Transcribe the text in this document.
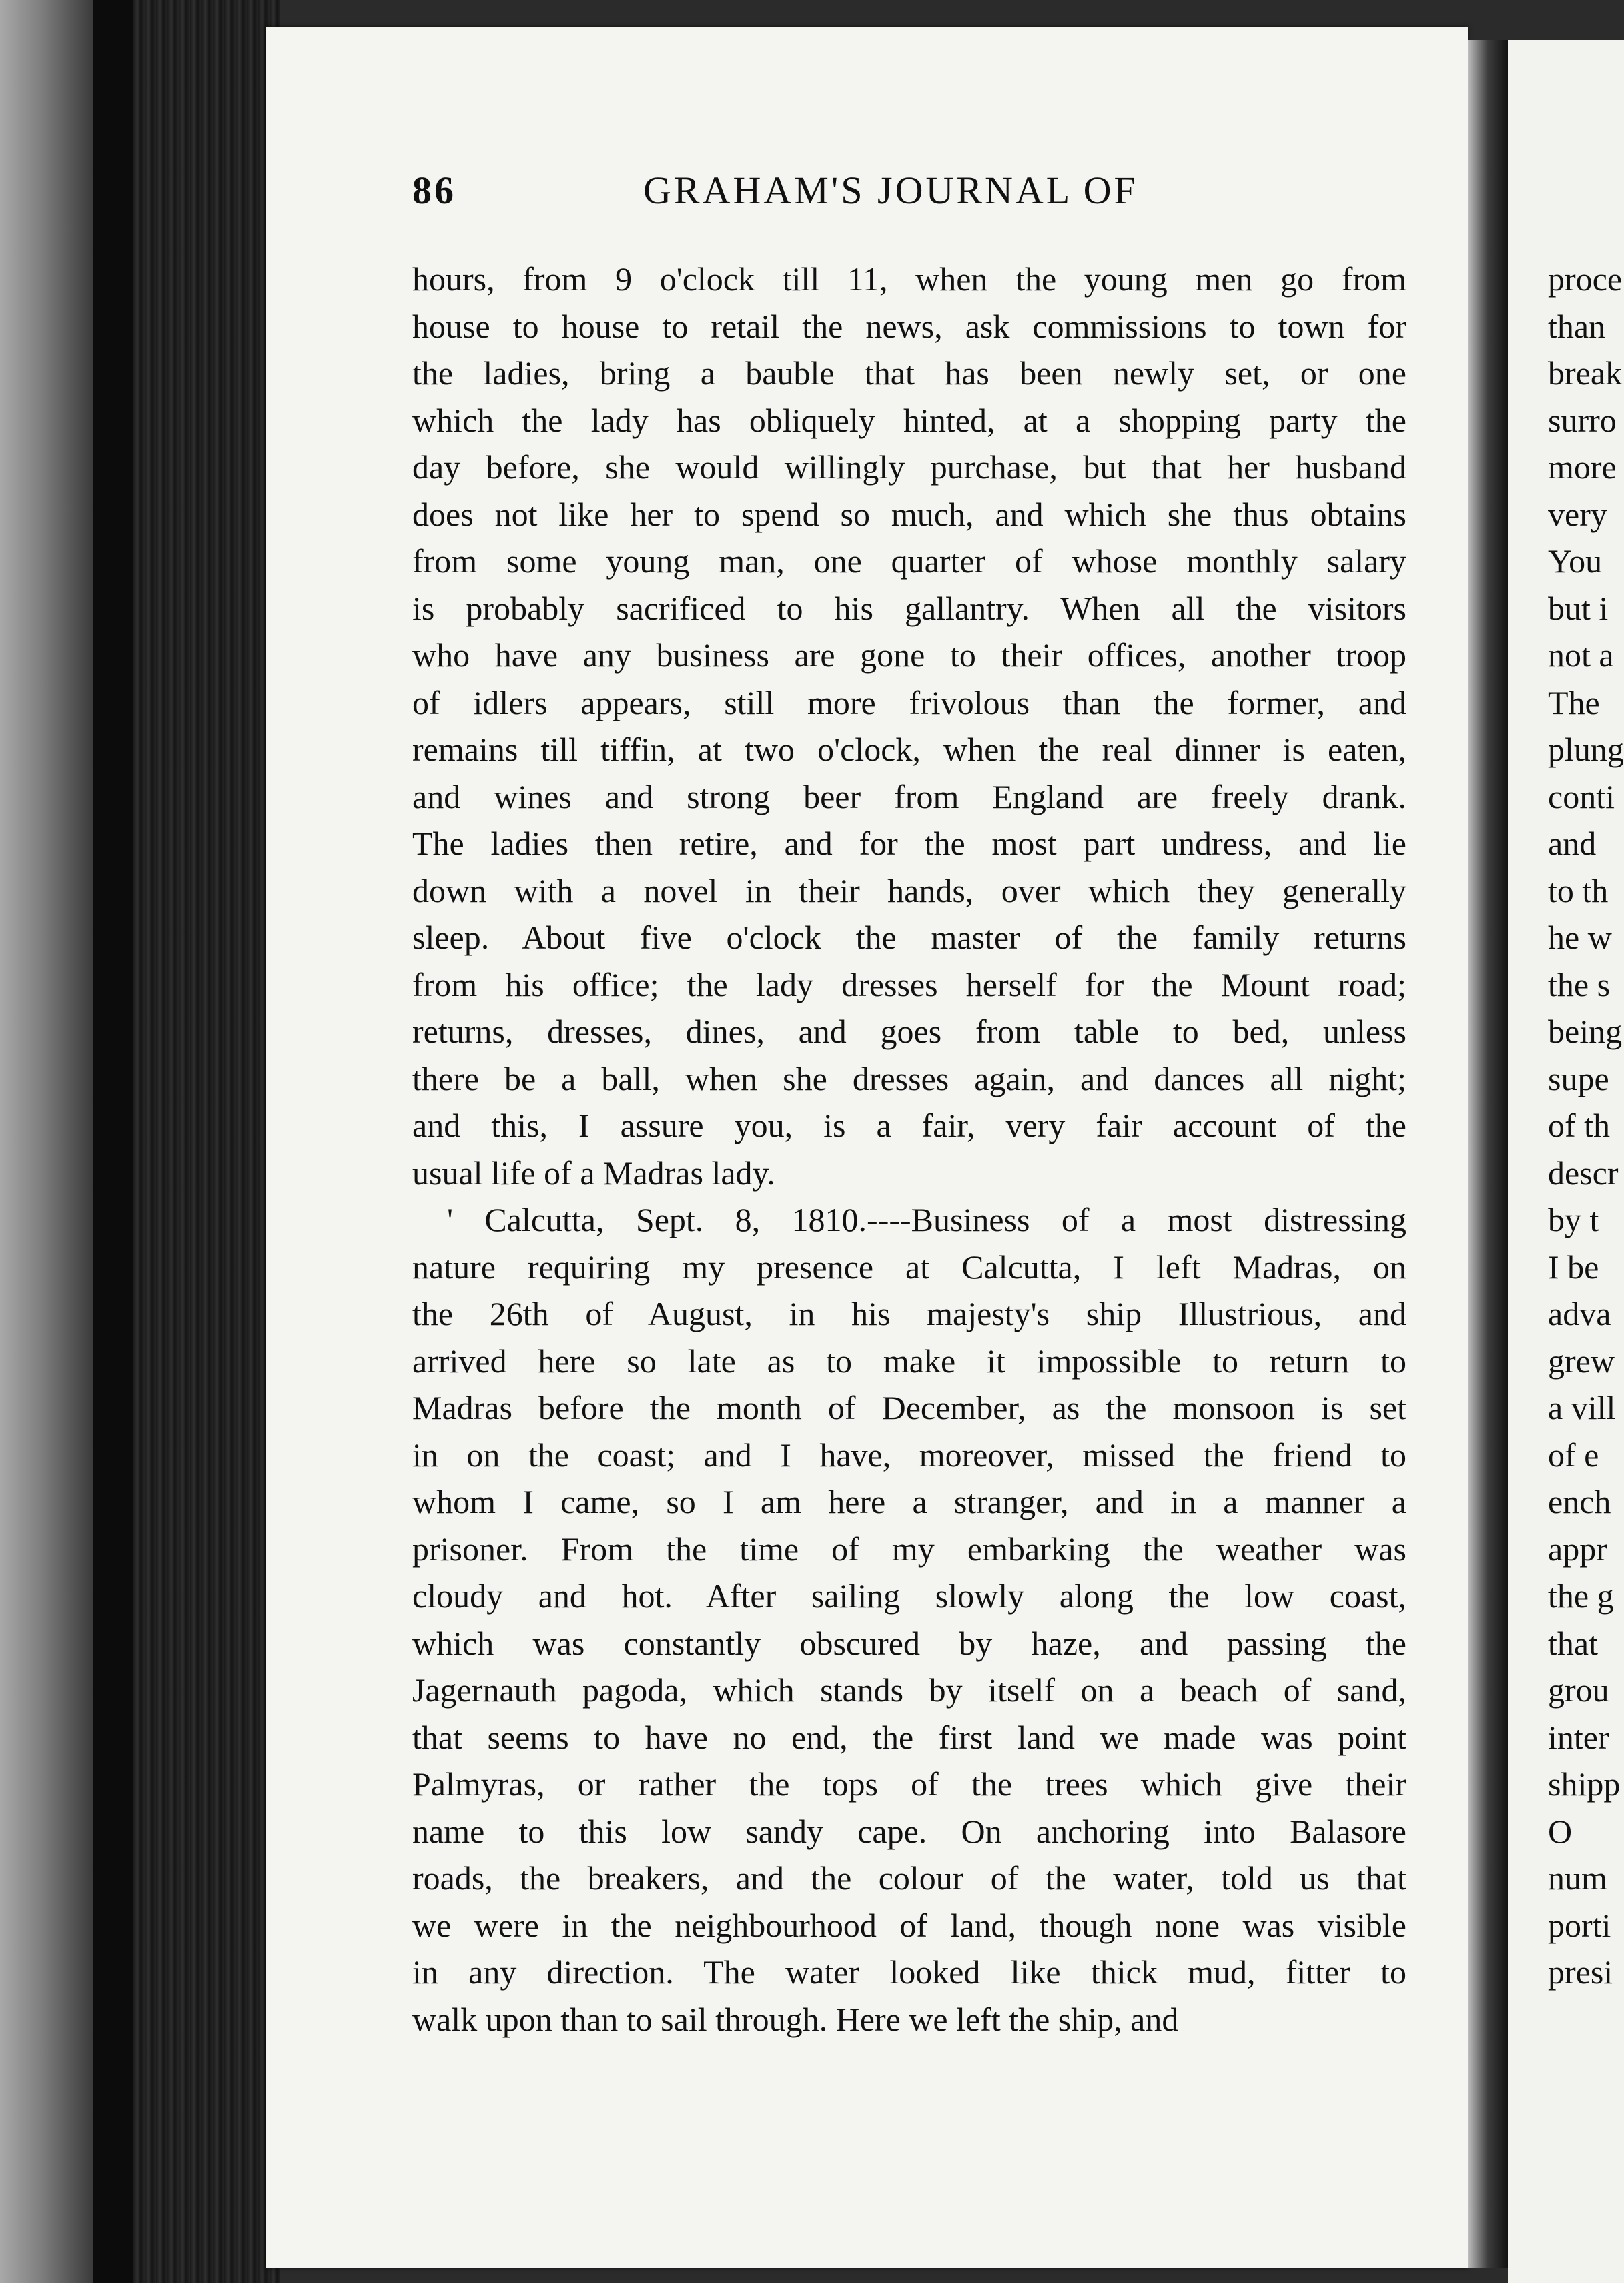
86	GRAHAM'S JOURNAL OF
hours, from 9 o'clock till 11, when the young men go from
house to house to retail the news, ask commissions to town for
the ladies, bring a bauble that has been newly set, or one
which the lady has obliquely hinted, at a shopping party the
day before, she would willingly purchase, but that her husband
does not like her to spend so much, and which she thus obtains
from some young man, one quarter of whose monthly salary
is probably sacrificed to his gallantry. When all the visitors
who have any business are gone to their offices, another troop
of idlers appears, still more frivolous than the former, and
remains till tiffin, at two o'clock, when the real dinner is eaten,
and wines and strong beer from England are freely drank.
The ladies then retire, and for the most part undress, and lie
down with a novel in their hands, over which they generally
sleep. About five o'clock the master of the family returns
from his office; the lady dresses herself for the Mount road;
returns, dresses, dines, and goes from table to bed, unless
there be a ball, when she dresses again, and dances all night;
and this, I assure you, is a fair, very fair account of the
usual life of a Madras lady.
' Calcutta, Sept. 8, 1810.----Business of a most distressing
nature requiring my presence at Calcutta, I left Madras, on
the 26th of August, in his majesty's ship Illustrious, and
arrived here so late as to make it impossible to return to
Madras before the month of December, as the monsoon is set
in on the coast; and I have, moreover, missed the friend to
whom I came, so I am here a stranger, and in a manner a
prisoner. From the time of my embarking the weather was
cloudy and hot. After sailing slowly along the low coast,
which was constantly obscured by haze, and passing the
Jagernauth pagoda, which stands by itself on a beach of sand,
that seems to have no end, the first land we made was point
Palmyras, or rather the tops of the trees which give their
name to this low sandy cape. On anchoring into Balasore
roads, the breakers, and the colour of the water, told us that
we were in the neighbourhood of land, though none was visible
in any direction. The water looked like thick mud, fitter to
walk upon than to sail through. Here we left the ship, and
proce
than
break
surro
more
very
You
but i
not a
The
plung
conti
and
to th
he w
the s
being
supe
of th
descr
by t
I be
adva
grew
a vill
of e
ench
appr
the g
that
grou
inter
shipp
O
num
porti
presi
